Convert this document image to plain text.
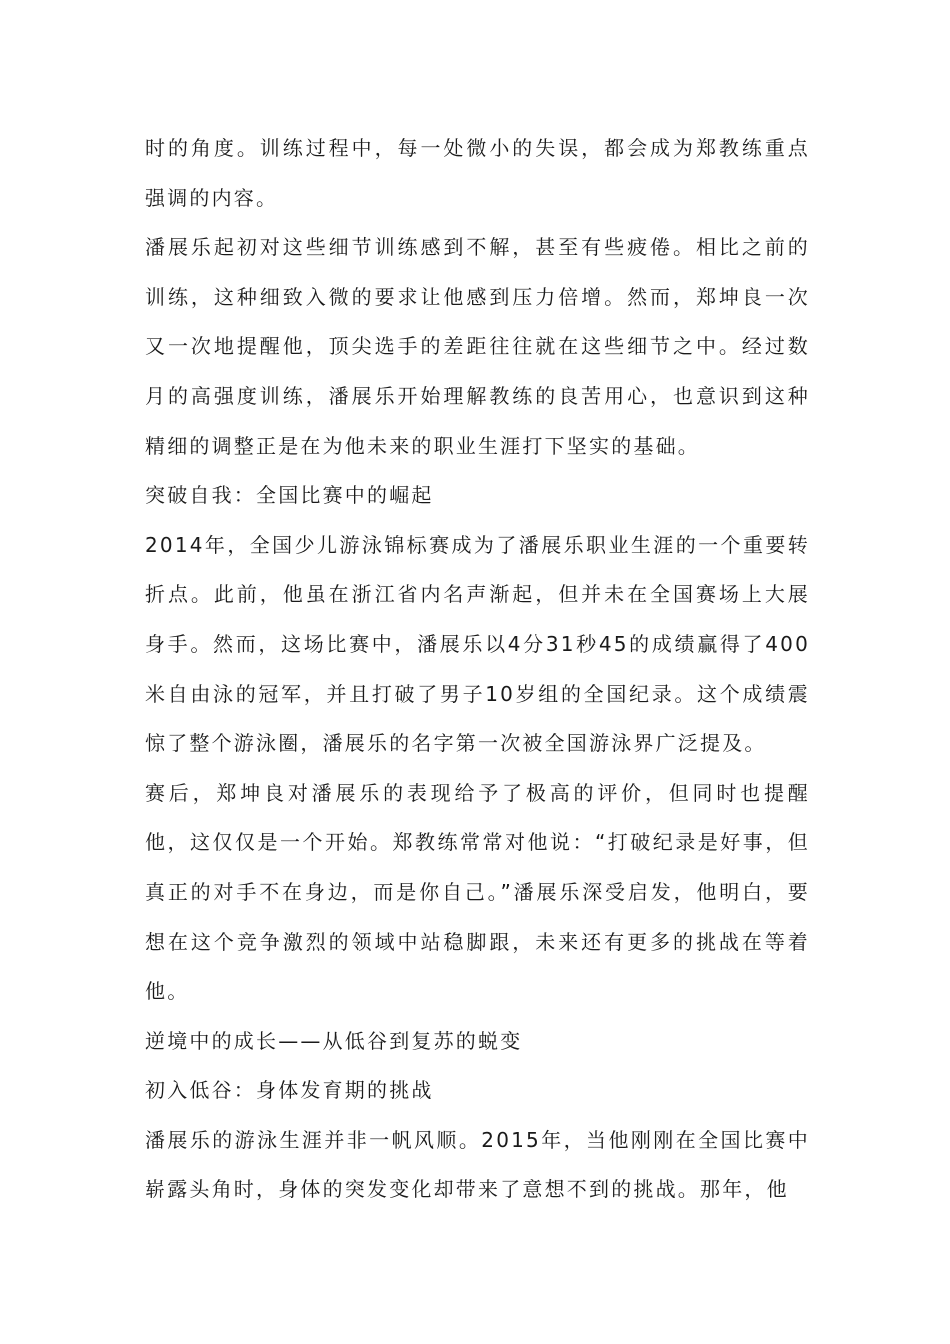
时的角度。训练过程中，每一处微小的失误，都会成为郑教练重点强调的内容。

潘展乐起初对这些细节训练感到不解，甚至有些疲倦。相比之前的训练，这种细致入微的要求让他感到压力倍增。然而，郑坤良一次又一次地提醒他，顶尖选手的差距往往就在这些细节之中。经过数月的高强度训练，潘展乐开始理解教练的良苦用心，也意识到这种精细的调整正是在为他未来的职业生涯打下坚实的基础。

突破自我：全国比赛中的崛起

2014年，全国少儿游泳锦标赛成为了潘展乐职业生涯的一个重要转折点。此前，他虽在浙江省内名声渐起，但并未在全国赛场上大展身手。然而，这场比赛中，潘展乐以4分31秒45的成绩赢得了400米自由泳的冠军，并且打破了男子10岁组的全国纪录。这个成绩震惊了整个游泳圈，潘展乐的名字第一次被全国游泳界广泛提及。

赛后，郑坤良对潘展乐的表现给予了极高的评价，但同时也提醒他，这仅仅是一个开始。郑教练常常对他说：“打破纪录是好事，但真正的对手不在身边，而是你自己。”潘展乐深受启发，他明白，要想在这个竞争激烈的领域中站稳脚跟，未来还有更多的挑战在等着他。

逆境中的成长——从低谷到复苏的蜕变

初入低谷：身体发育期的挑战

潘展乐的游泳生涯并非一帆风顺。2015年，当他刚刚在全国比赛中崭露头角时，身体的突发变化却带来了意想不到的挑战。那年，他
